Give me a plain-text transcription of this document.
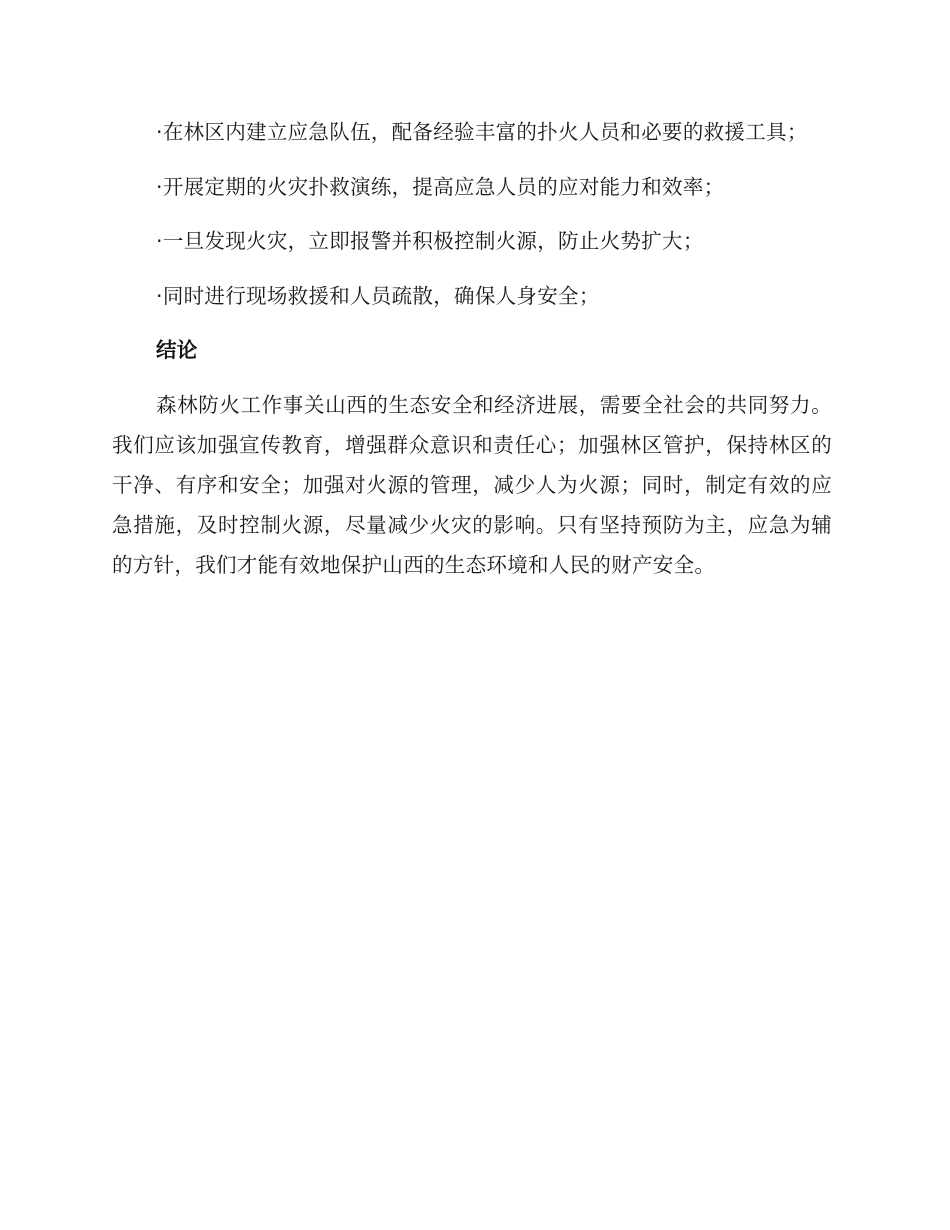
·在林区内建立应急队伍，配备经验丰富的扑火人员和必要的救援工具；

·开展定期的火灾扑救演练，提高应急人员的应对能力和效率；

·一旦发现火灾，立即报警并积极控制火源，防止火势扩大；

·同时进行现场救援和人员疏散，确保人身安全；

结论

森林防火工作事关山西的生态安全和经济进展，需要全社会的共同努力。我们应该加强宣传教育，增强群众意识和责任心；加强林区管护，保持林区的干净、有序和安全；加强对火源的管理，减少人为火源；同时，制定有效的应急措施，及时控制火源，尽量减少火灾的影响。只有坚持预防为主，应急为辅的方针，我们才能有效地保护山西的生态环境和人民的财产安全。
